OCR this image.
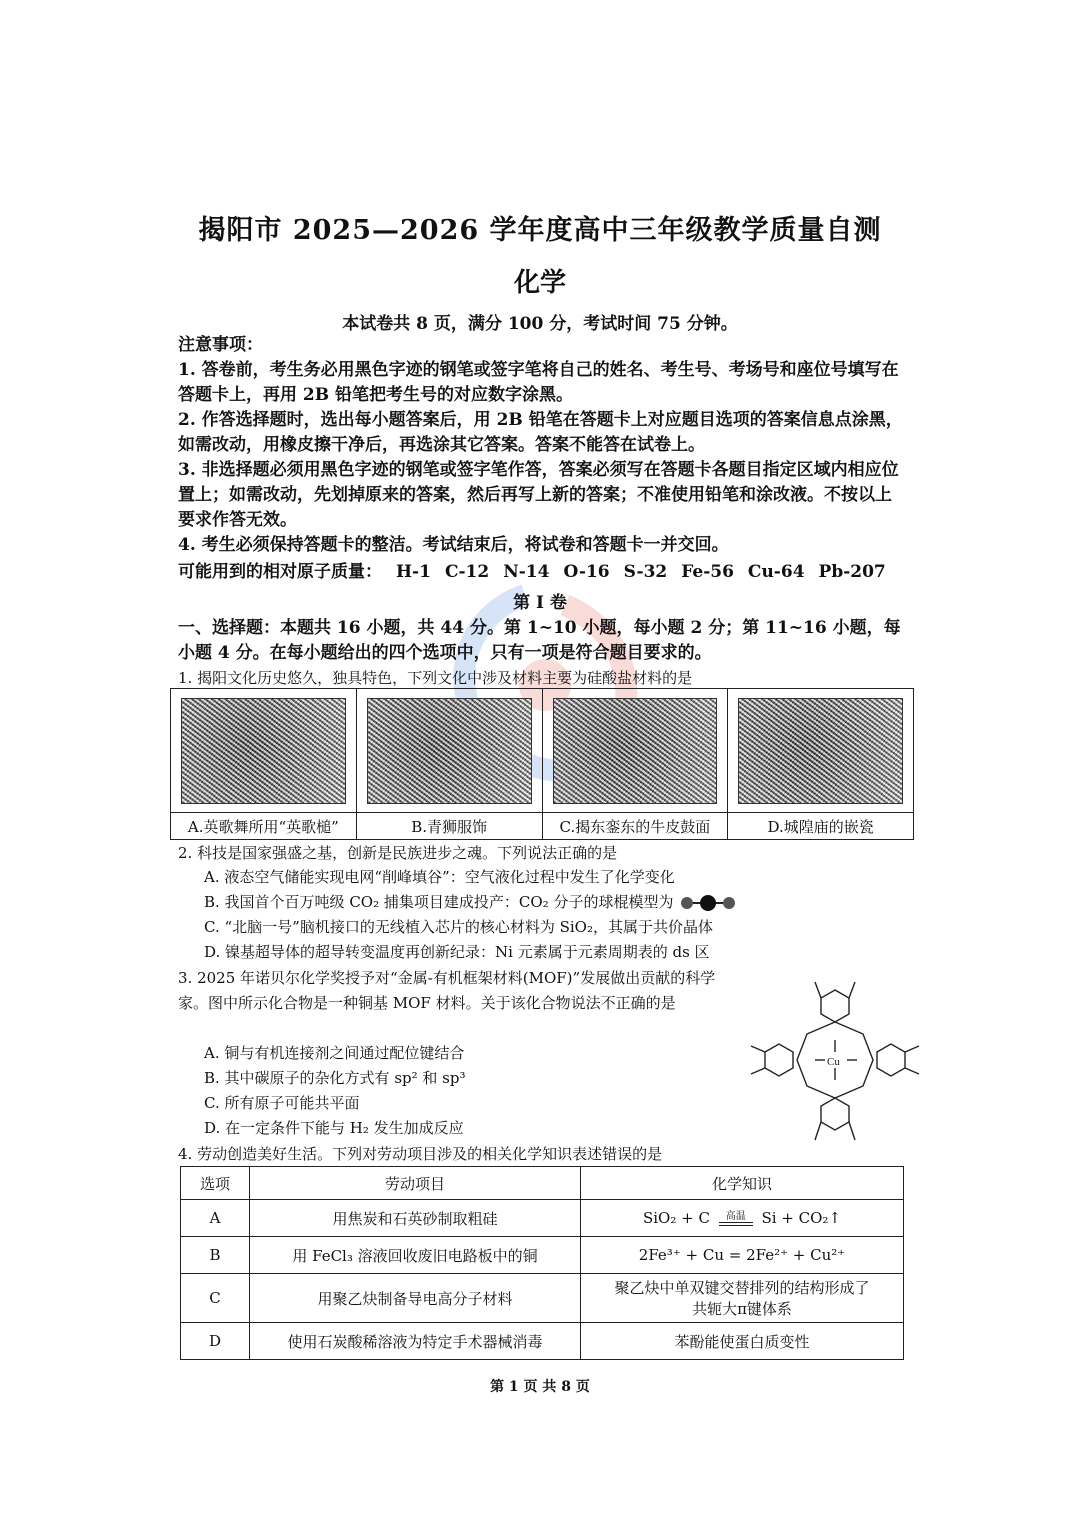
揭阳市 2025—2026 学年度高中三年级教学质量自测
化学
本试卷共 8 页，满分 100 分，考试时间 75 分钟。

注意事项：

1. 答卷前，考生务必用黑色字迹的钢笔或签字笔将自己的姓名、考生号、考场号和座位号填写在答题卡上，再用 2B 铅笔把考生号的对应数字涂黑。

2. 作答选择题时，选出每小题答案后，用 2B 铅笔在答题卡上对应题目选项的答案信息点涂黑，如需改动，用橡皮擦干净后，再选涂其它答案。答案不能答在试卷上。

3. 非选择题必须用黑色字迹的钢笔或签字笔作答，答案必须写在答题卡各题目指定区域内相应位置上；如需改动，先划掉原来的答案，然后再写上新的答案；不准使用铅笔和涂改液。不按以上要求作答无效。

4. 考生必须保持答题卡的整洁。考试结束后，将试卷和答题卡一并交回。

可能用到的相对原子质量： H-1 C-12 N-14 O-16 S-32 Fe-56 Cu-64 Pb-207
第 I 卷
一、选择题：本题共 16 小题，共 44 分。第 1~10 小题，每小题 2 分；第 11~16 小题，每小题 4 分。在每小题给出的四个选项中，只有一项是符合题目要求的。
1. 揭阳文化历史悠久，独具特色，下列文化中涉及材料主要为硅酸盐材料的是
A.英歌舞所用“英歌槌”	B.青狮服饰	C.揭东銮东的牛皮鼓面	D.城隍庙的嵌瓷
2. 科技是国家强盛之基，创新是民族进步之魂。下列说法正确的是
A. 液态空气储能实现电网“削峰填谷”：空气液化过程中发生了化学变化
B. 我国首个百万吨级 CO₂ 捕集项目建成投产：CO₂ 分子的球棍模型为
C. “北脑一号”脑机接口的无线植入芯片的核心材料为 SiO₂，其属于共价晶体
D. 镍基超导体的超导转变温度再创新纪录：Ni 元素属于元素周期表的 ds 区
3. 2025 年诺贝尔化学奖授予对“金属-有机框架材料(MOF)”发展做出贡献的科学家。图中所示化合物是一种铜基 MOF 材料。关于该化合物说法不正确的是
A. 铜与有机连接剂之间通过配位键结合
B. 其中碳原子的杂化方式有 sp² 和 sp³
C. 所有原子可能共平面
D. 在一定条件下能与 H₂ 发生加成反应
Cu
4. 劳动创造美好生活。下列对劳动项目涉及的相关化学知识表述错误的是
选项	劳动项目	化学知识
A	用焦炭和石英砂制取粗硅	SiO₂ + C 高温 Si + CO₂↑
B	用 FeCl₃ 溶液回收废旧电路板中的铜	2Fe³⁺ + Cu = 2Fe²⁺ + Cu²⁺
C	用聚乙炔制备导电高分子材料	聚乙炔中单双键交替排列的结构形成了
共轭大π键体系

D	使用石炭酸稀溶液为特定手术器械消毒	苯酚能使蛋白质变性
第 1 页 共 8 页
